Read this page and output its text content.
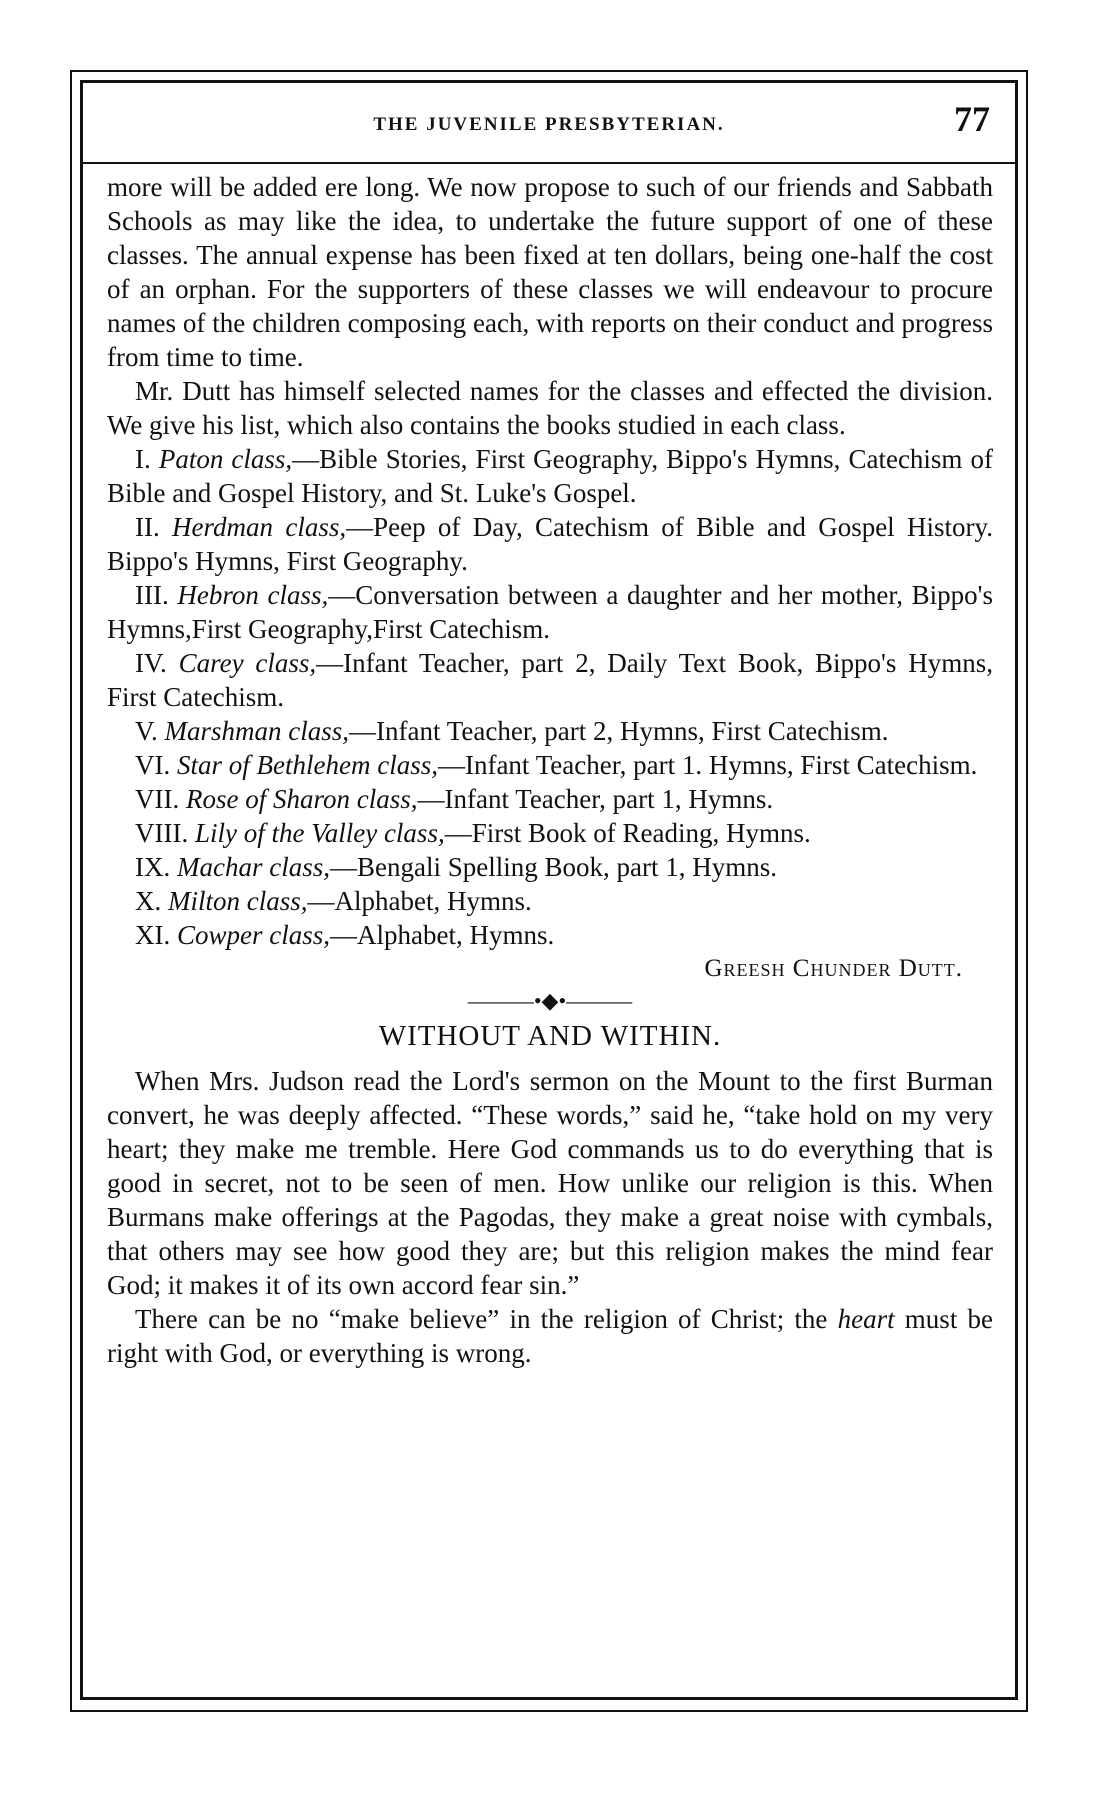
THE JUVENILE PRESBYTERIAN.	77

more will be added ere long. We now propose to such of our friends and Sabbath Schools as may like the idea, to undertake the future support of one of these classes. The annual expense has been fixed at ten dollars, being one-half the cost of an orphan. For the supporters of these classes we will endeavour to procure names of the children composing each, with reports on their conduct and progress from time to time.

Mr. Dutt has himself selected names for the classes and effected the division. We give his list, which also contains the books studied in each class.

I. Paton class,—Bible Stories, First Geography, Bippo's Hymns, Catechism of Bible and Gospel History, and St. Luke's Gospel.

II. Herdman class,—Peep of Day, Catechism of Bible and Gospel History. Bippo's Hymns, First Geography.

III. Hebron class,—Conversation between a daughter and her mother, Bippo's Hymns,First Geography,First Catechism.

IV. Carey class,—Infant Teacher, part 2, Daily Text Book, Bippo's Hymns, First Catechism.

V. Marshman class,—Infant Teacher, part 2, Hymns, First Catechism.

VI. Star of Bethlehem class,—Infant Teacher, part 1. Hymns, First Catechism.

VII. Rose of Sharon class,—Infant Teacher, part 1, Hymns.

VIII. Lily of the Valley class,—First Book of Reading, Hymns.

IX. Machar class,—Bengali Spelling Book, part 1, Hymns.

X. Milton class,—Alphabet, Hymns.

XI. Cowper class,—Alphabet, Hymns.

Greesh Chunder Dutt.

———•◆•———
WITHOUT AND WITHIN.

When Mrs. Judson read the Lord's sermon on the Mount to the first Burman convert, he was deeply affected. “These words,” said he, “take hold on my very heart; they make me tremble. Here God commands us to do everything that is good in secret, not to be seen of men. How unlike our religion is this. When Burmans make offerings at the Pagodas, they make a great noise with cymbals, that others may see how good they are; but this religion makes the mind fear God; it makes it of its own accord fear sin.”

There can be no “make believe” in the religion of Christ; the heart must be right with God, or everything is wrong.
